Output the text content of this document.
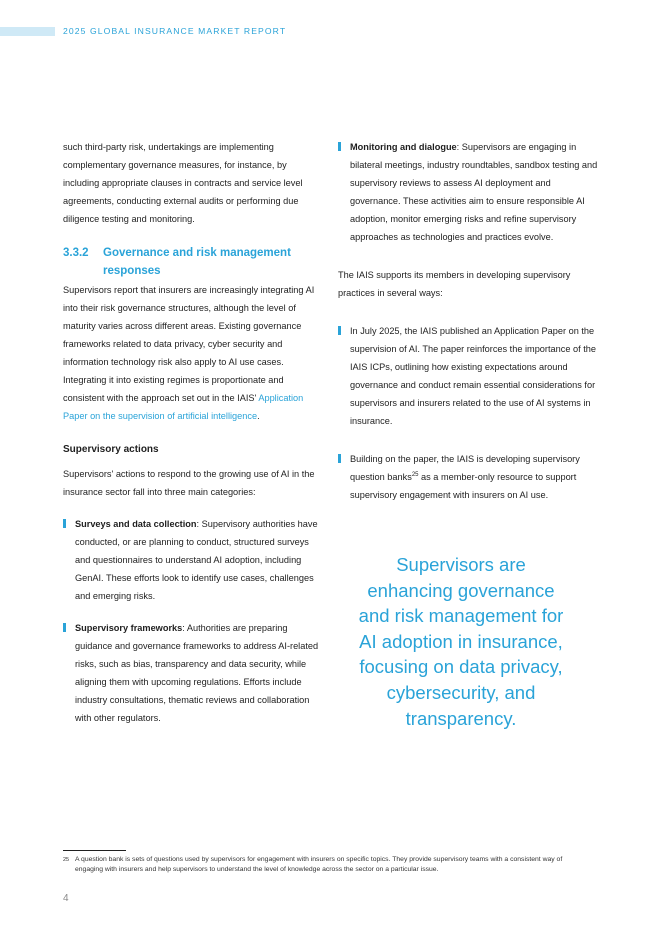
2025 GLOBAL INSURANCE MARKET REPORT

such third-party risk, undertakings are implementing complementary governance measures, for instance, by including appropriate clauses in contracts and service level agreements, conducting external audits or performing due diligence testing and monitoring.

3.3.2	Governance and risk management responses

Supervisors report that insurers are increasingly integrating AI into their risk governance structures, although the level of maturity varies across different areas. Existing governance frameworks related to data privacy, cyber security and information technology risk also apply to AI use cases. Integrating it into existing regimes is proportionate and consistent with the approach set out in the IAIS' Application Paper on the supervision of artificial intelligence.

Supervisory actions

Supervisors' actions to respond to the growing use of AI in the insurance sector fall into three main categories:

Surveys and data collection: Supervisory authorities have conducted, or are planning to conduct, structured surveys and questionnaires to understand AI adoption, including GenAI. These efforts look to identify use cases, challenges and emerging risks.
Supervisory frameworks: Authorities are preparing guidance and governance frameworks to address AI-related risks, such as bias, transparency and data security, while aligning them with upcoming regulations. Efforts include industry consultations, thematic reviews and collaboration with other regulators.
Monitoring and dialogue: Supervisors are engaging in bilateral meetings, industry roundtables, sandbox testing and supervisory reviews to assess AI deployment and governance. These activities aim to ensure responsible AI adoption, monitor emerging risks and refine supervisory approaches as technologies and practices evolve.

The IAIS supports its members in developing supervisory practices in several ways:

In July 2025, the IAIS published an Application Paper on the supervision of AI. The paper reinforces the importance of the IAIS ICPs, outlining how existing expectations around governance and conduct remain essential considerations for supervisors and insurers related to the use of AI systems in insurance.
Building on the paper, the IAIS is developing supervisory question banks$^{25}$ as a member-only resource to support supervisory engagement with insurers on AI use.
Supervisors are enhancing governance and risk management for AI adoption in insurance, focusing on data privacy, cybersecurity, and transparency.
25 A question bank is sets of questions used by supervisors for engagement with insurers on specific topics. They provide supervisory teams with a consistent way of engaging with insurers and help supervisors to understand the level of knowledge across the sector on a particular issue.
4
